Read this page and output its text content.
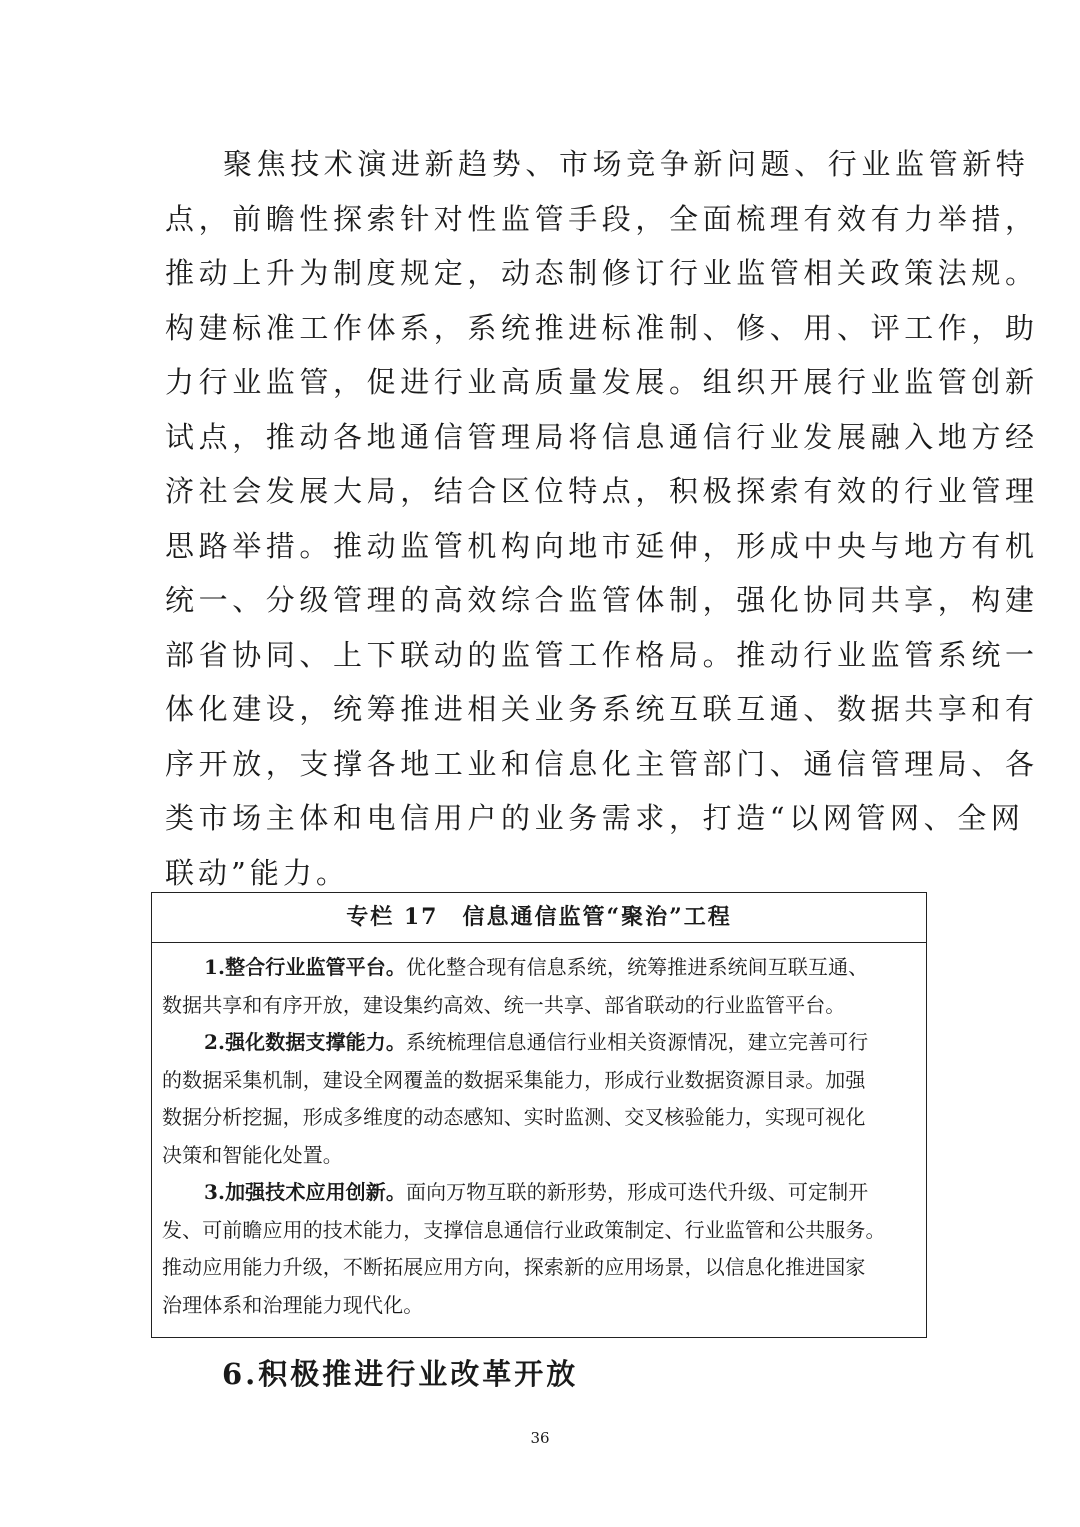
聚焦技术演进新趋势、市场竞争新问题、行业监管新特
点，前瞻性探索针对性监管手段，全面梳理有效有力举措，
推动上升为制度规定，动态制修订行业监管相关政策法规。
构建标准工作体系，系统推进标准制、修、用、评工作，助
力行业监管，促进行业高质量发展。组织开展行业监管创新
试点，推动各地通信管理局将信息通信行业发展融入地方经
济社会发展大局，结合区位特点，积极探索有效的行业管理
思路举措。推动监管机构向地市延伸，形成中央与地方有机
统一、分级管理的高效综合监管体制，强化协同共享，构建
部省协同、上下联动的监管工作格局。推动行业监管系统一
体化建设，统筹推进相关业务系统互联互通、数据共享和有
序开放，支撑各地工业和信息化主管部门、通信管理局、各
类市场主体和电信用户的业务需求，打造“以网管网、全网
联动”能力。
专栏 17　信息通信监管“聚治”工程
1.整合行业监管平台。优化整合现有信息系统，统筹推进系统间互联互通、
数据共享和有序开放，建设集约高效、统一共享、部省联动的行业监管平台。
2.强化数据支撑能力。系统梳理信息通信行业相关资源情况，建立完善可行
的数据采集机制，建设全网覆盖的数据采集能力，形成行业数据资源目录。加强
数据分析挖掘，形成多维度的动态感知、实时监测、交叉核验能力，实现可视化
决策和智能化处置。
3.加强技术应用创新。面向万物互联的新形势，形成可迭代升级、可定制开
发、可前瞻应用的技术能力，支撑信息通信行业政策制定、行业监管和公共服务。
推动应用能力升级，不断拓展应用方向，探索新的应用场景，以信息化推进国家
治理体系和治理能力现代化。
6.积极推进行业改革开放
36
